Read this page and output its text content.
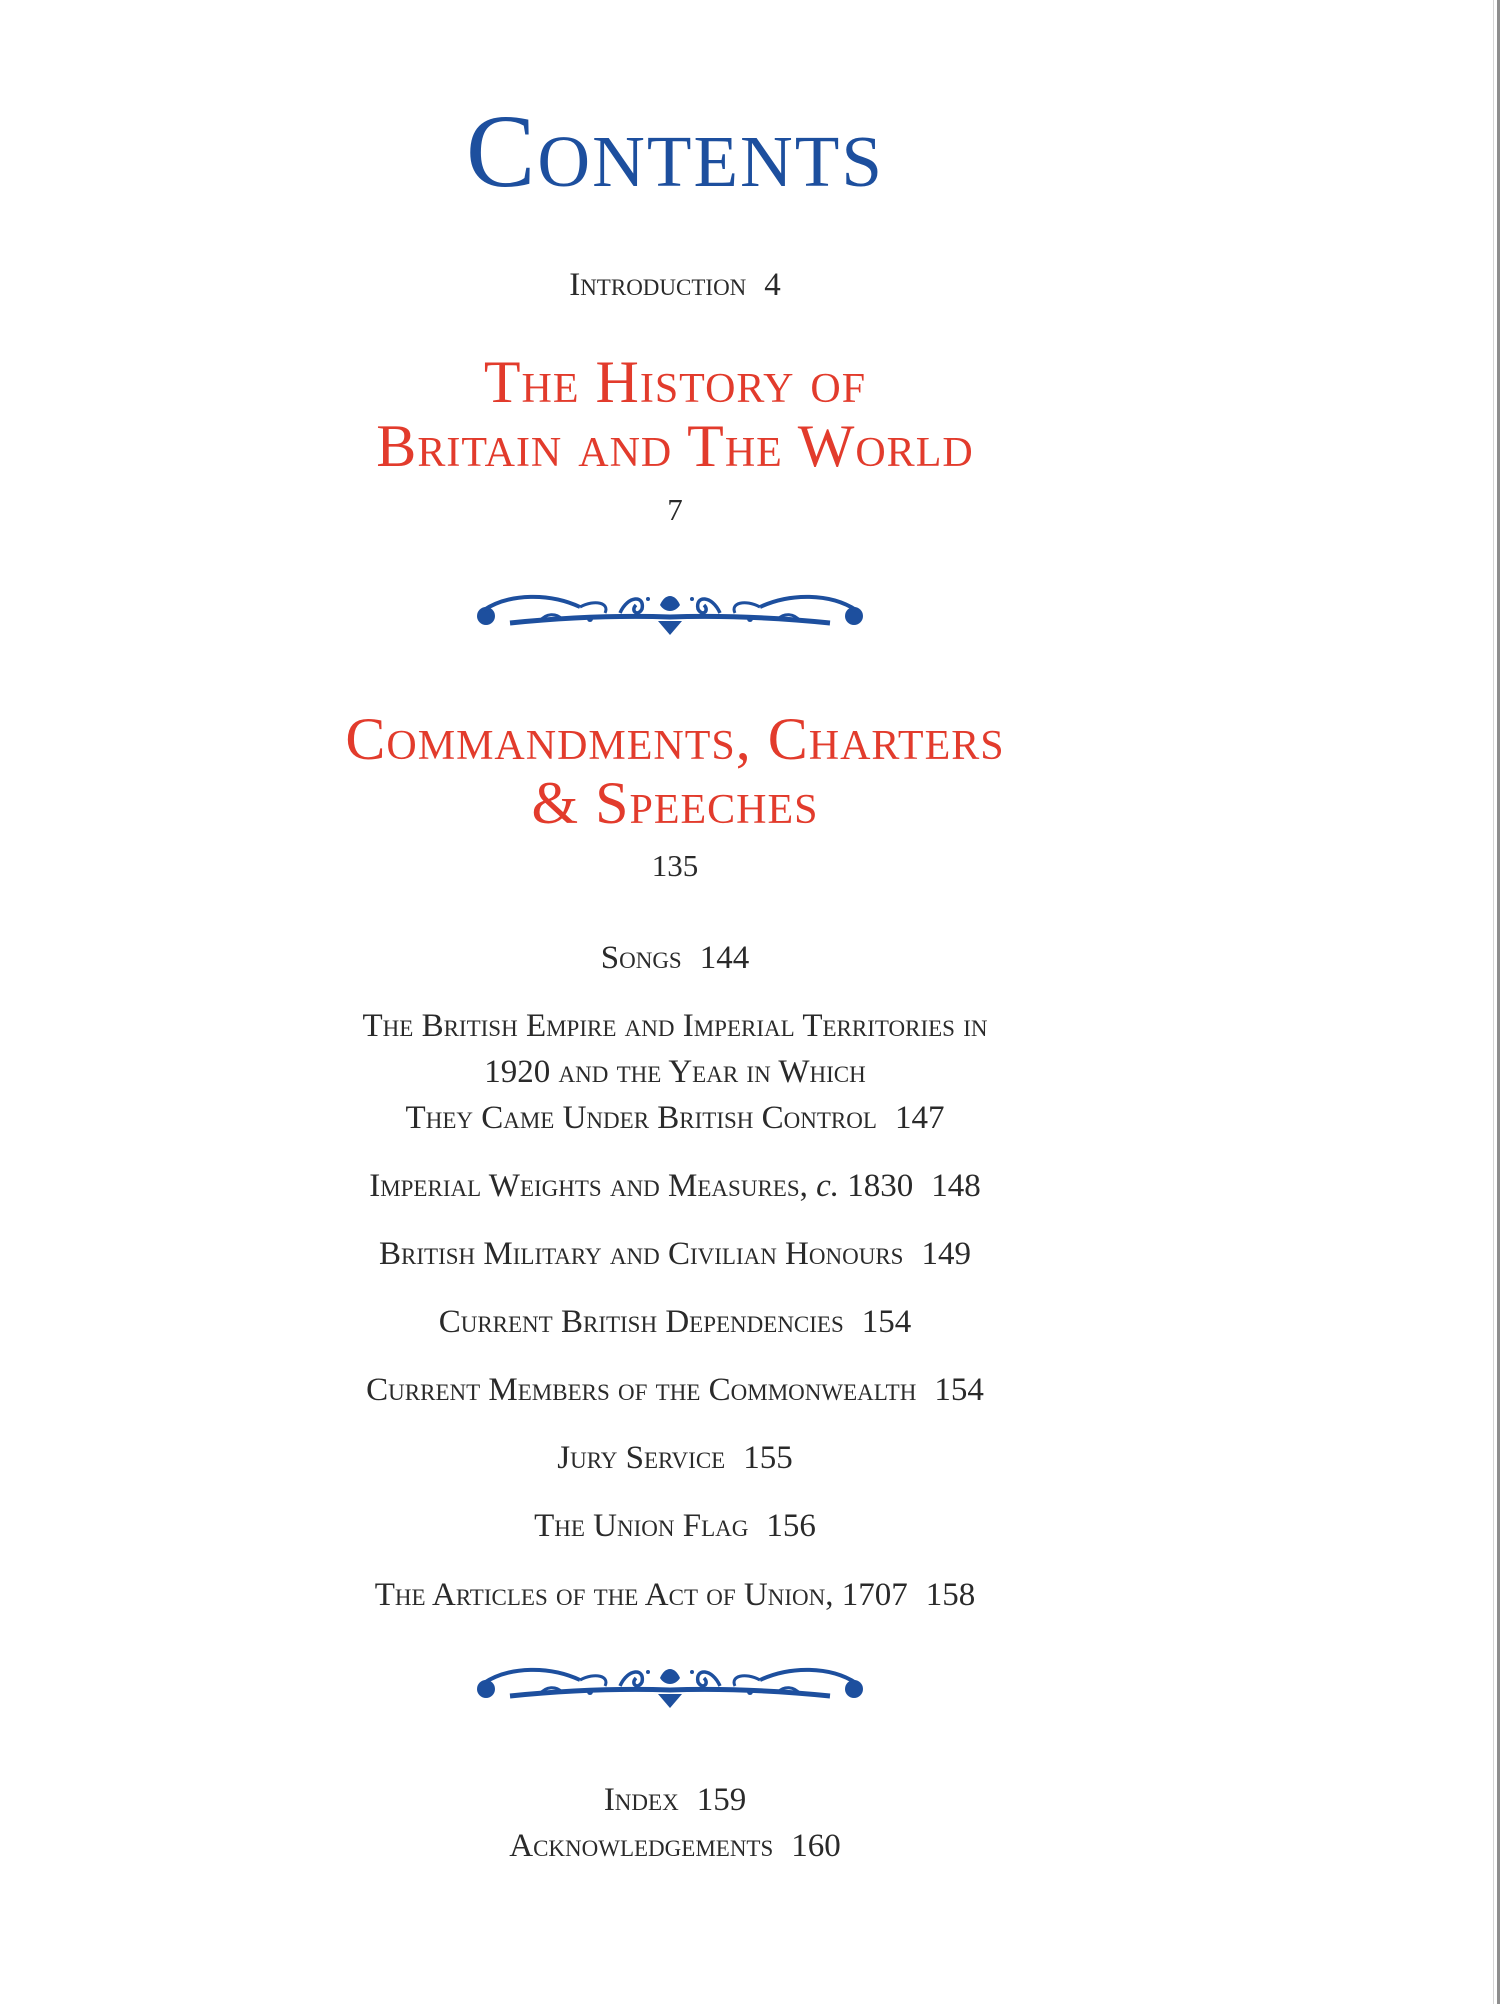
Contents
Introduction 4
The History of
Britain and The World
7
Commandments, Charters
& Speeches
135
Songs 144
The British Empire and Imperial Territories in
1920 and the Year in Which
They Came Under British Control 147
Imperial Weights and Measures, c. 1830 148
British Military and Civilian Honours 149
Current British Dependencies 154
Current Members of the Commonwealth 154
Jury Service 155
The Union Flag 156
The Articles of the Act of Union, 1707 158
Index 159
Acknowledgements 160
